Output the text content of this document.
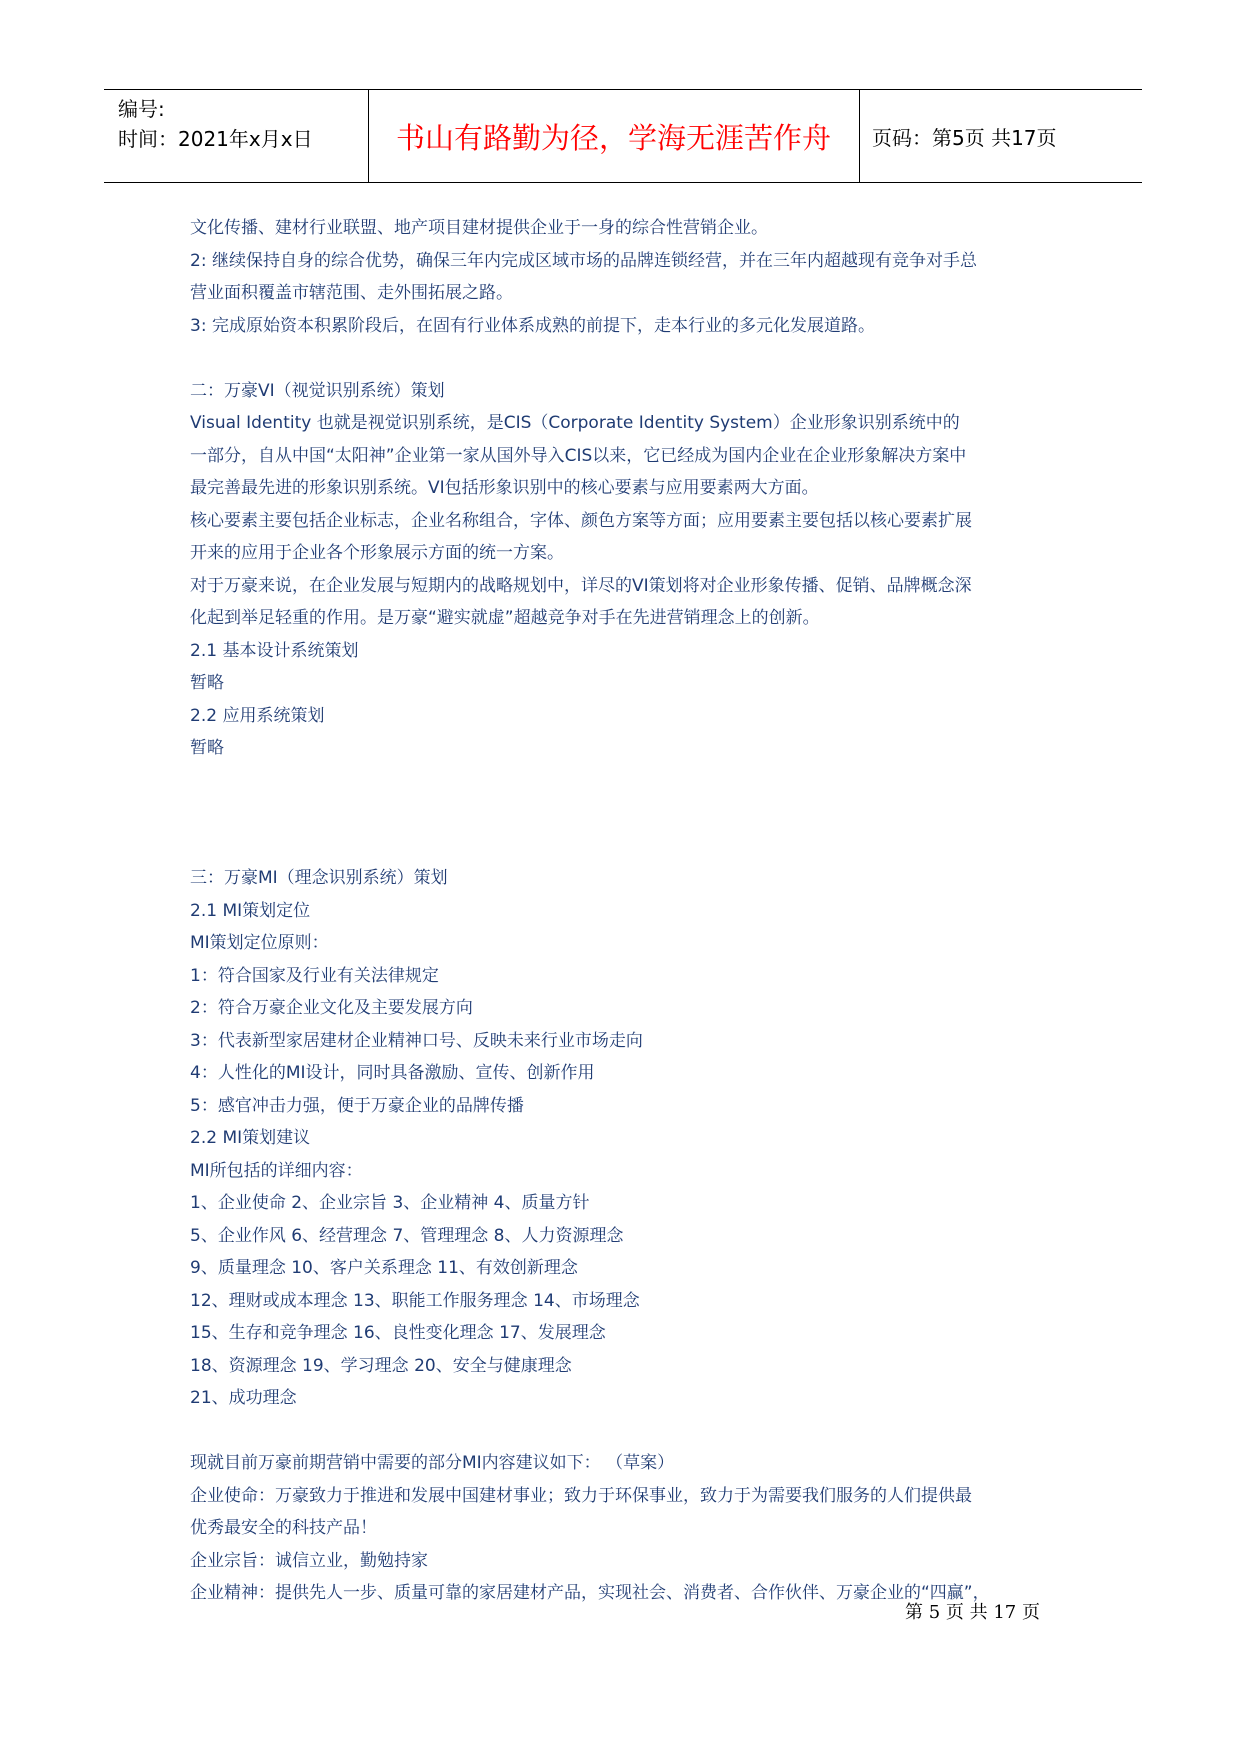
编号:
时间：2021年x月x日	书山有路勤为径，学海无涯苦作舟	页码：第5页 共17页
文化传播、建材行业联盟、地产项目建材提供企业于一身的综合性营销企业。
2: 继续保持自身的综合优势，确保三年内完成区域市场的品牌连锁经营，并在三年内超越现有竞争对手总
营业面积覆盖市辖范围、走外围拓展之路。
3: 完成原始资本积累阶段后，在固有行业体系成熟的前提下，走本行业的多元化发展道路。
二：万豪VI（视觉识别系统）策划
Visual Identity 也就是视觉识别系统，是CIS（Corporate Identity System）企业形象识别系统中的
一部分，自从中国“太阳神”企业第一家从国外导入CIS以来，它已经成为国内企业在企业形象解决方案中
最完善最先进的形象识别系统。VI包括形象识别中的核心要素与应用要素两大方面。
核心要素主要包括企业标志，企业名称组合，字体、颜色方案等方面；应用要素主要包括以核心要素扩展
开来的应用于企业各个形象展示方面的统一方案。
对于万豪来说，在企业发展与短期内的战略规划中，详尽的VI策划将对企业形象传播、促销、品牌概念深
化起到举足轻重的作用。是万豪“避实就虚”超越竞争对手在先进营销理念上的创新。
2.1 基本设计系统策划
暂略
2.2 应用系统策划
暂略
三：万豪MI（理念识别系统）策划
2.1 MI策划定位
MI策划定位原则：
1：符合国家及行业有关法律规定
2：符合万豪企业文化及主要发展方向
3：代表新型家居建材企业精神口号、反映未来行业市场走向
4：人性化的MI设计，同时具备激励、宣传、创新作用
5：感官冲击力强，便于万豪企业的品牌传播
2.2 MI策划建议
MI所包括的详细内容：
1、企业使命 2、企业宗旨 3、企业精神 4、质量方针
5、企业作风 6、经营理念 7、管理理念 8、人力资源理念
9、质量理念 10、客户关系理念 11、有效创新理念
12、理财或成本理念 13、职能工作服务理念 14、市场理念
15、生存和竞争理念 16、良性变化理念 17、发展理念
18、资源理念 19、学习理念 20、安全与健康理念
21、成功理念
现就目前万豪前期营销中需要的部分MI内容建议如下： （草案）
企业使命：万豪致力于推进和发展中国建材事业；致力于环保事业，致力于为需要我们服务的人们提供最
优秀最安全的科技产品！
企业宗旨：诚信立业，勤勉持家
企业精神：提供先人一步、质量可靠的家居建材产品，实现社会、消费者、合作伙伴、万豪企业的“四赢”，
第 5 页 共 17 页
